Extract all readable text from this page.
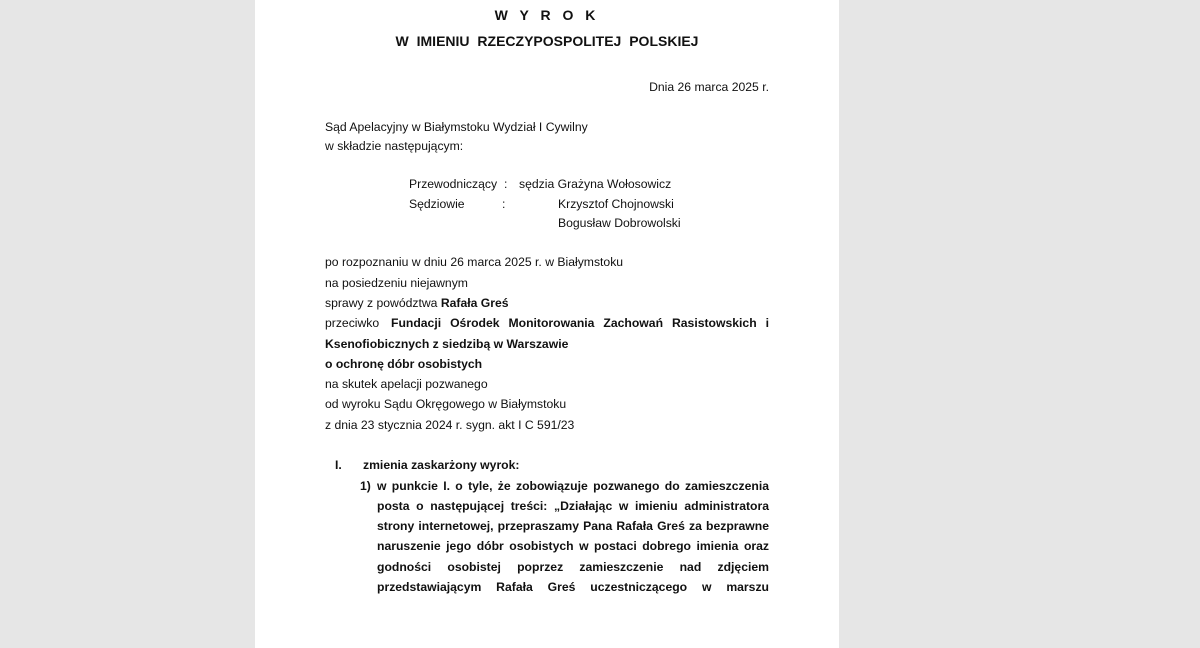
W Y R O K
W IMIENIU RZECZYPOSPOLITEJ POLSKIEJ
Dnia 26 marca 2025 r.
Sąd Apelacyjny w Białymstoku Wydział I Cywilny
w składzie następującym:
Przewodniczący : sędzia Grażyna Wołosowicz
Sędziowie	:	Krzysztof Chojnowski
Bogusław Dobrowolski
po rozpoznaniu w dniu 26 marca 2025 r. w Białymstoku
na posiedzeniu niejawnym
sprawy z powództwa Rafała Greś
przeciwko Fundacji Ośrodek Monitorowania Zachowań Rasistowskich i
Ksenofiobicznych z siedzibą w Warszawie
o ochronę dóbr osobistych
na skutek apelacji pozwanego
od wyroku Sądu Okręgowego w Białymstoku
z dnia 23 stycznia 2024 r. sygn. akt I C 591/23
I. zmienia zaskarżony wyrok:
1) w punkcie I. o tyle, że zobowiązuje pozwanego do zamieszczenia
posta o następującej treści: „Działając w imieniu administratora
strony internetowej, przepraszamy Pana Rafała Greś za bezprawne
naruszenie jego dóbr osobistych w postaci dobrego imienia oraz
godności osobistej poprzez zamieszczenie nad zdjęciem
przedstawiającym Rafała Greś uczestniczącego w marszu
